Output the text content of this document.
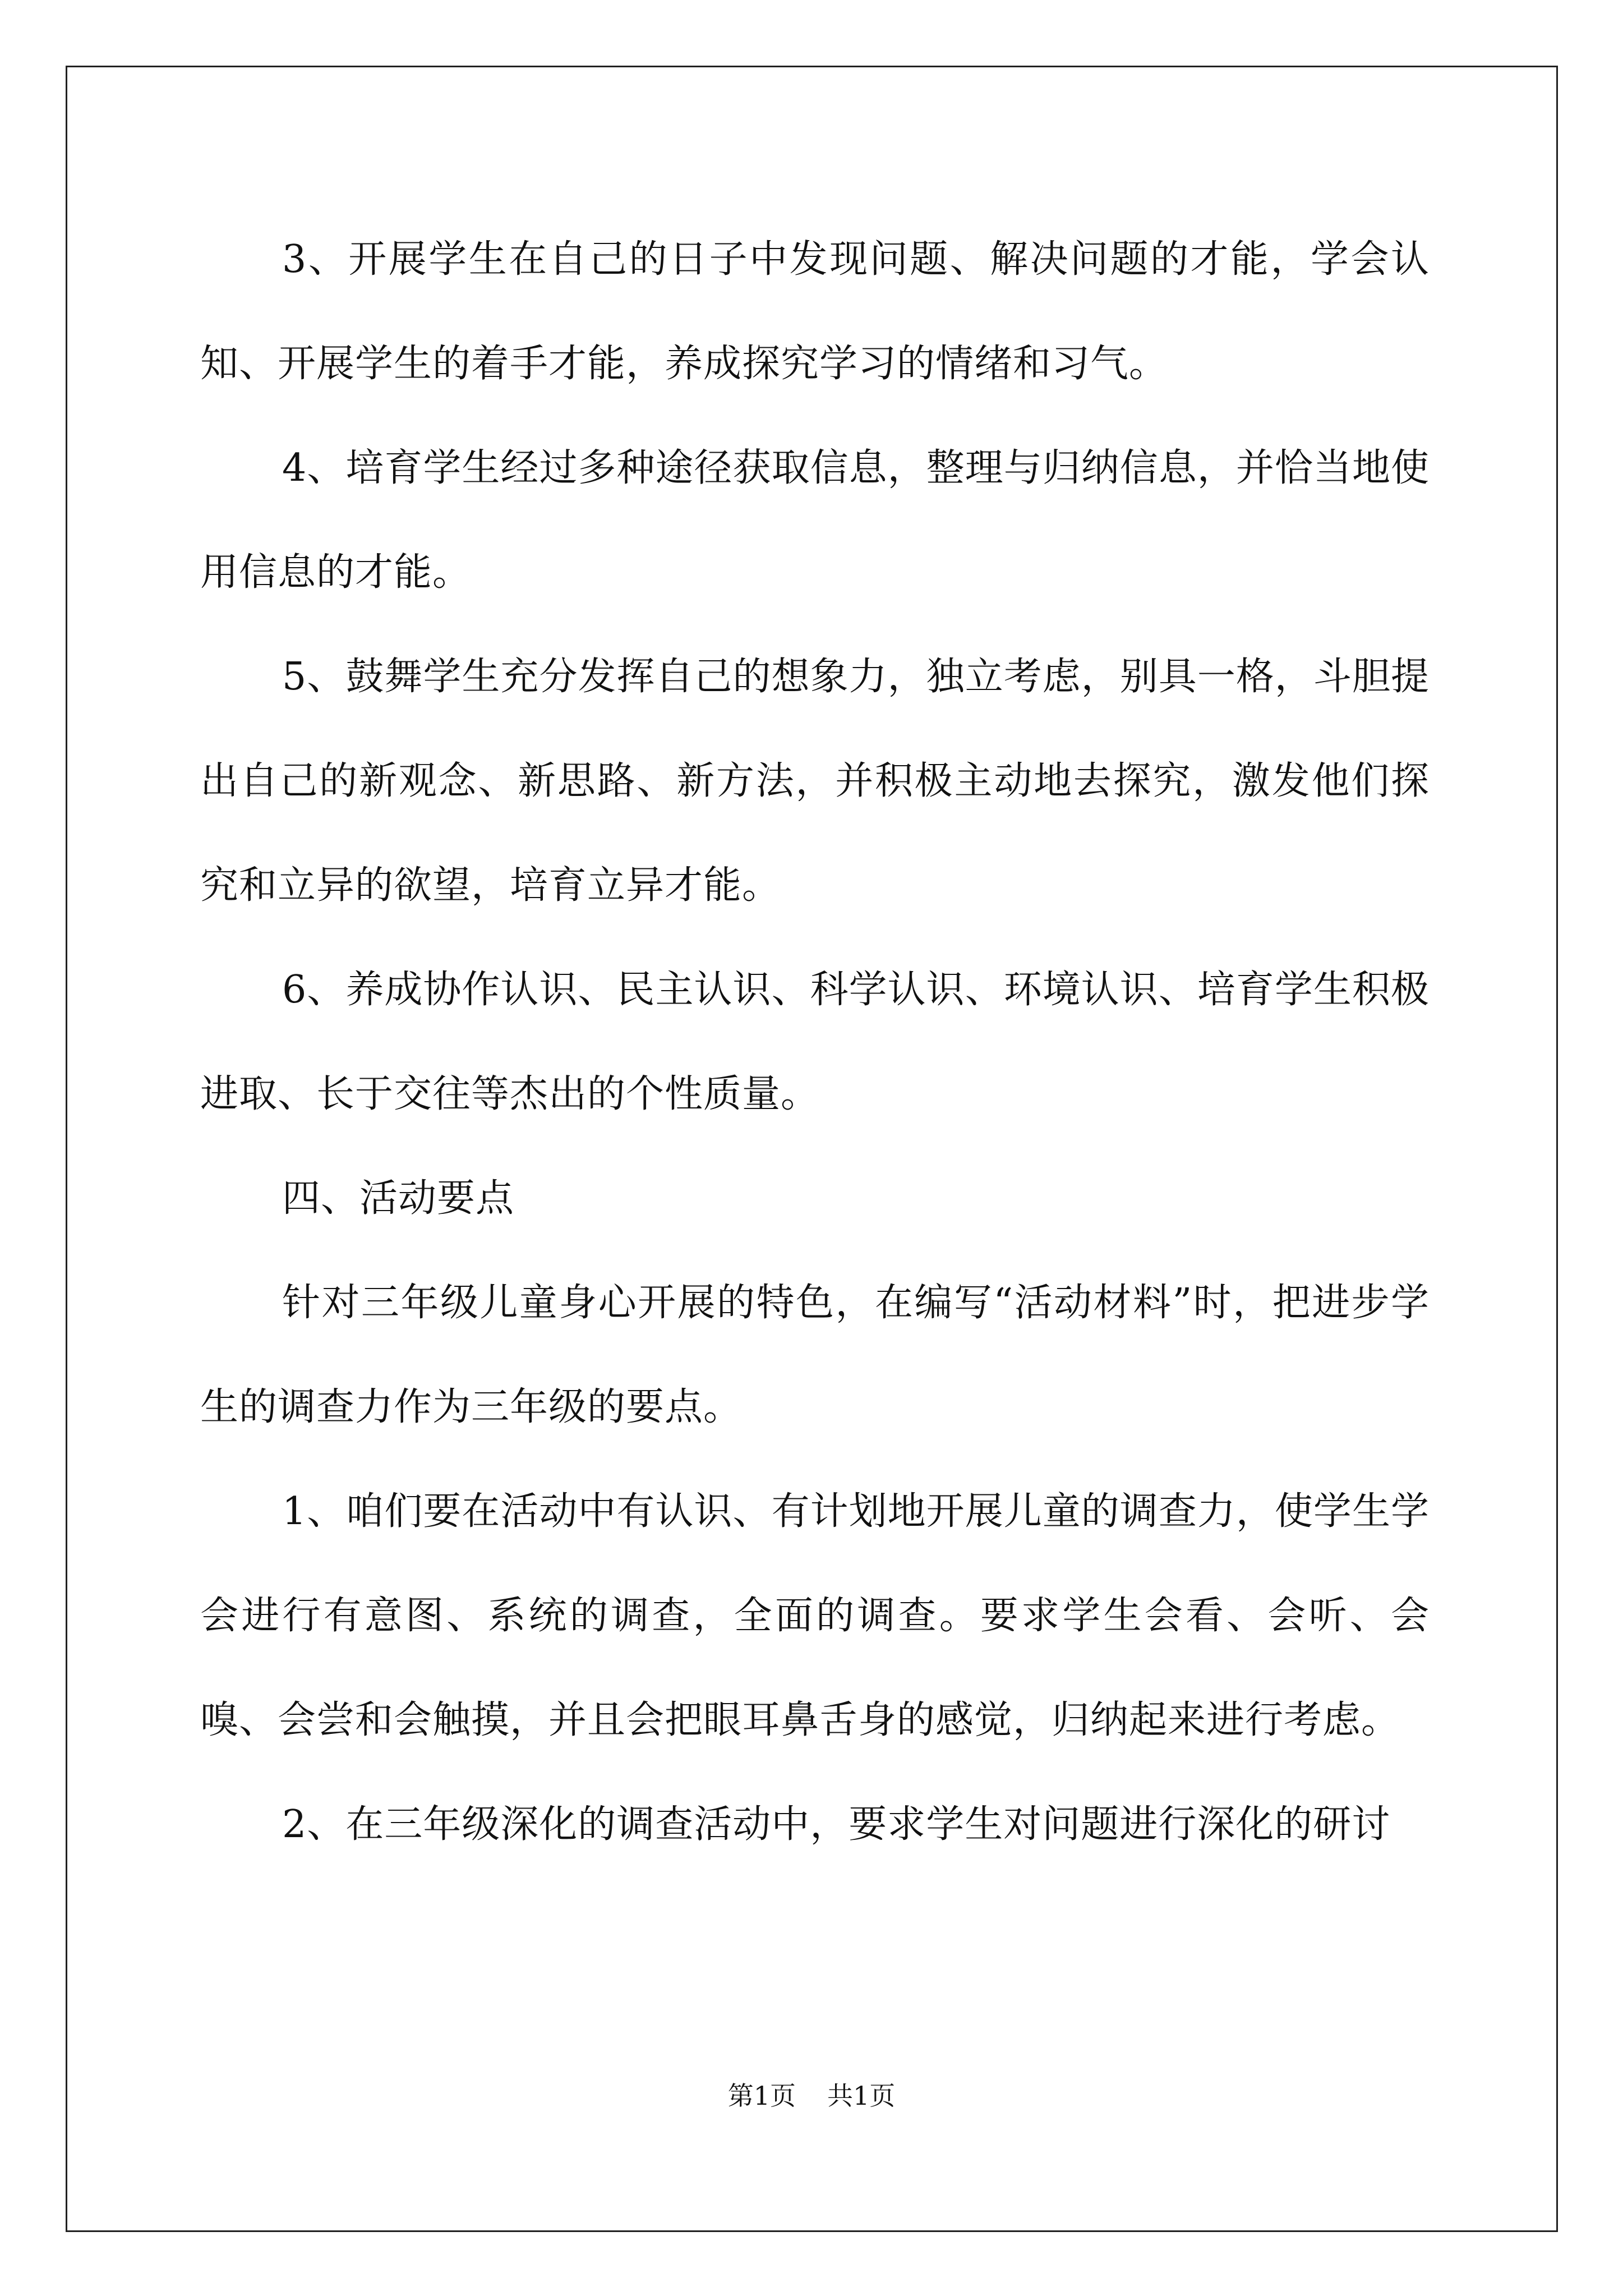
3、开展学生在自己的日子中发现问题、解决问题的才能，学会认知、开展学生的着手才能，养成探究学习的情绪和习气。

4、培育学生经过多种途径获取信息，整理与归纳信息，并恰当地使用信息的才能。

5、鼓舞学生充分发挥自己的想象力，独立考虑，别具一格，斗胆提出自己的新观念、新思路、新方法，并积极主动地去探究，激发他们探究和立异的欲望，培育立异才能。

6、养成协作认识、民主认识、科学认识、环境认识、培育学生积极进取、长于交往等杰出的个性质量。

四、活动要点

针对三年级儿童身心开展的特色，在编写“活动材料”时，把进步学生的调查力作为三年级的要点。

1、咱们要在活动中有认识、有计划地开展儿童的调查力，使学生学会进行有意图、系统的调查，全面的调查。要求学生会看、会听、会嗅、会尝和会触摸，并且会把眼耳鼻舌身的感觉，归纳起来进行考虑。

2、在三年级深化的调查活动中，要求学生对问题进行深化的研讨

第1页 共1页
